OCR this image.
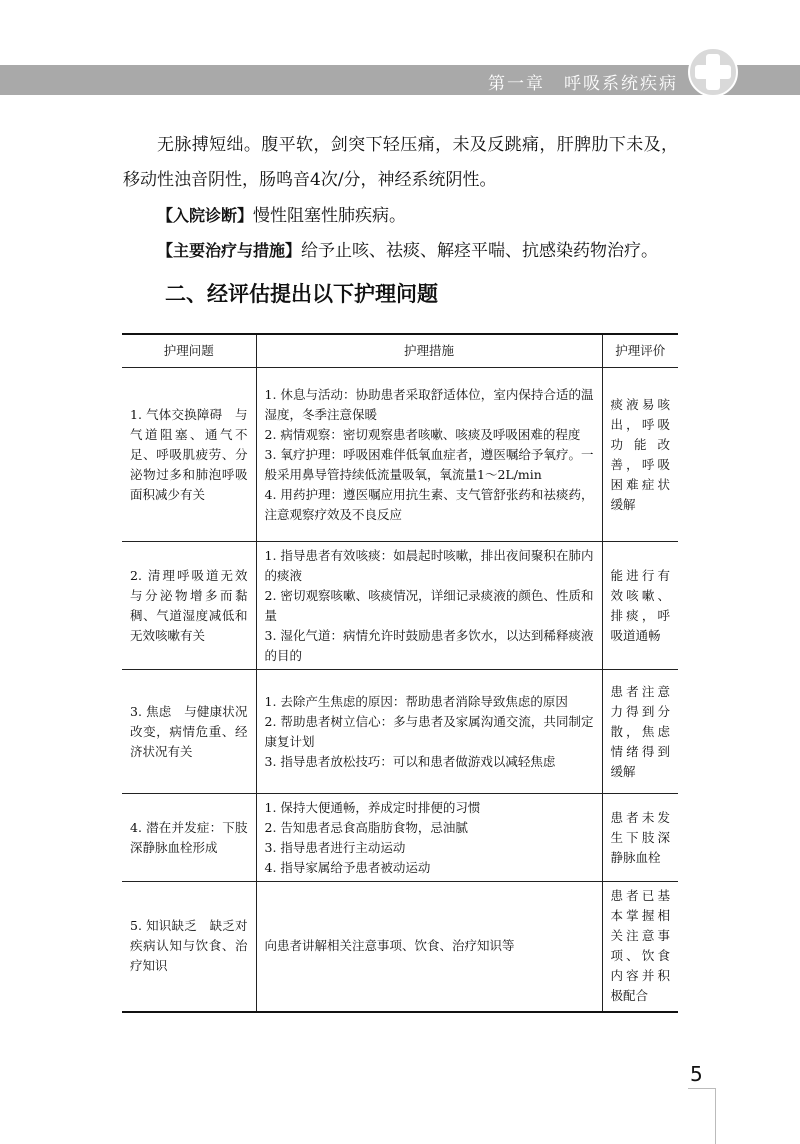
第一章　呼吸系统疾病
无脉搏短绌。腹平软，剑突下轻压痛，未及反跳痛，肝脾肋下未及，移动性浊音阴性，肠鸣音4次/分，神经系统阴性。
【入院诊断】慢性阻塞性肺疾病。
【主要治疗与措施】给予止咳、祛痰、解痉平喘、抗感染药物治疗。
二、经评估提出以下护理问题
护理问题	护理措施	护理评价
1. 气体交换障碍　与气道阻塞、通气不足、呼吸肌疲劳、分泌物过多和肺泡呼吸面积减少有关	1. 休息与活动：协助患者采取舒适体位，室内保持合适的温湿度，冬季注意保暖
2. 病情观察：密切观察患者咳嗽、咳痰及呼吸困难的程度
3. 氧疗护理：呼吸困难伴低氧血症者，遵医嘱给予氧疗。一般采用鼻导管持续低流量吸氧，氧流量1～2L/min
4. 用药护理：遵医嘱应用抗生素、支气管舒张药和祛痰药，注意观察疗效及不良反应	痰液易咳出，呼吸功能改善，呼吸困难症状缓解
2. 清理呼吸道无效　与分泌物增多而黏稠、气道湿度减低和无效咳嗽有关	1. 指导患者有效咳痰：如晨起时咳嗽，排出夜间聚积在肺内的痰液
2. 密切观察咳嗽、咳痰情况，详细记录痰液的颜色、性质和量
3. 湿化气道：病情允许时鼓励患者多饮水，以达到稀释痰液的目的	能进行有效咳嗽、排痰，呼吸道通畅
3. 焦虑　与健康状况改变，病情危重、经济状况有关	1. 去除产生焦虑的原因：帮助患者消除导致焦虑的原因
2. 帮助患者树立信心：多与患者及家属沟通交流，共同制定康复计划
3. 指导患者放松技巧：可以和患者做游戏以减轻焦虑	患者注意力得到分散，焦虑情绪得到缓解
4. 潜在并发症：下肢深静脉血栓形成	1. 保持大便通畅，养成定时排便的习惯
2. 告知患者忌食高脂肪食物，忌油腻
3. 指导患者进行主动运动
4. 指导家属给予患者被动运动	患者未发生下肢深静脉血栓
5. 知识缺乏　缺乏对疾病认知与饮食、治疗知识	向患者讲解相关注意事项、饮食、治疗知识等	患者已基本掌握相关注意事项、饮食内容并积极配合
5
